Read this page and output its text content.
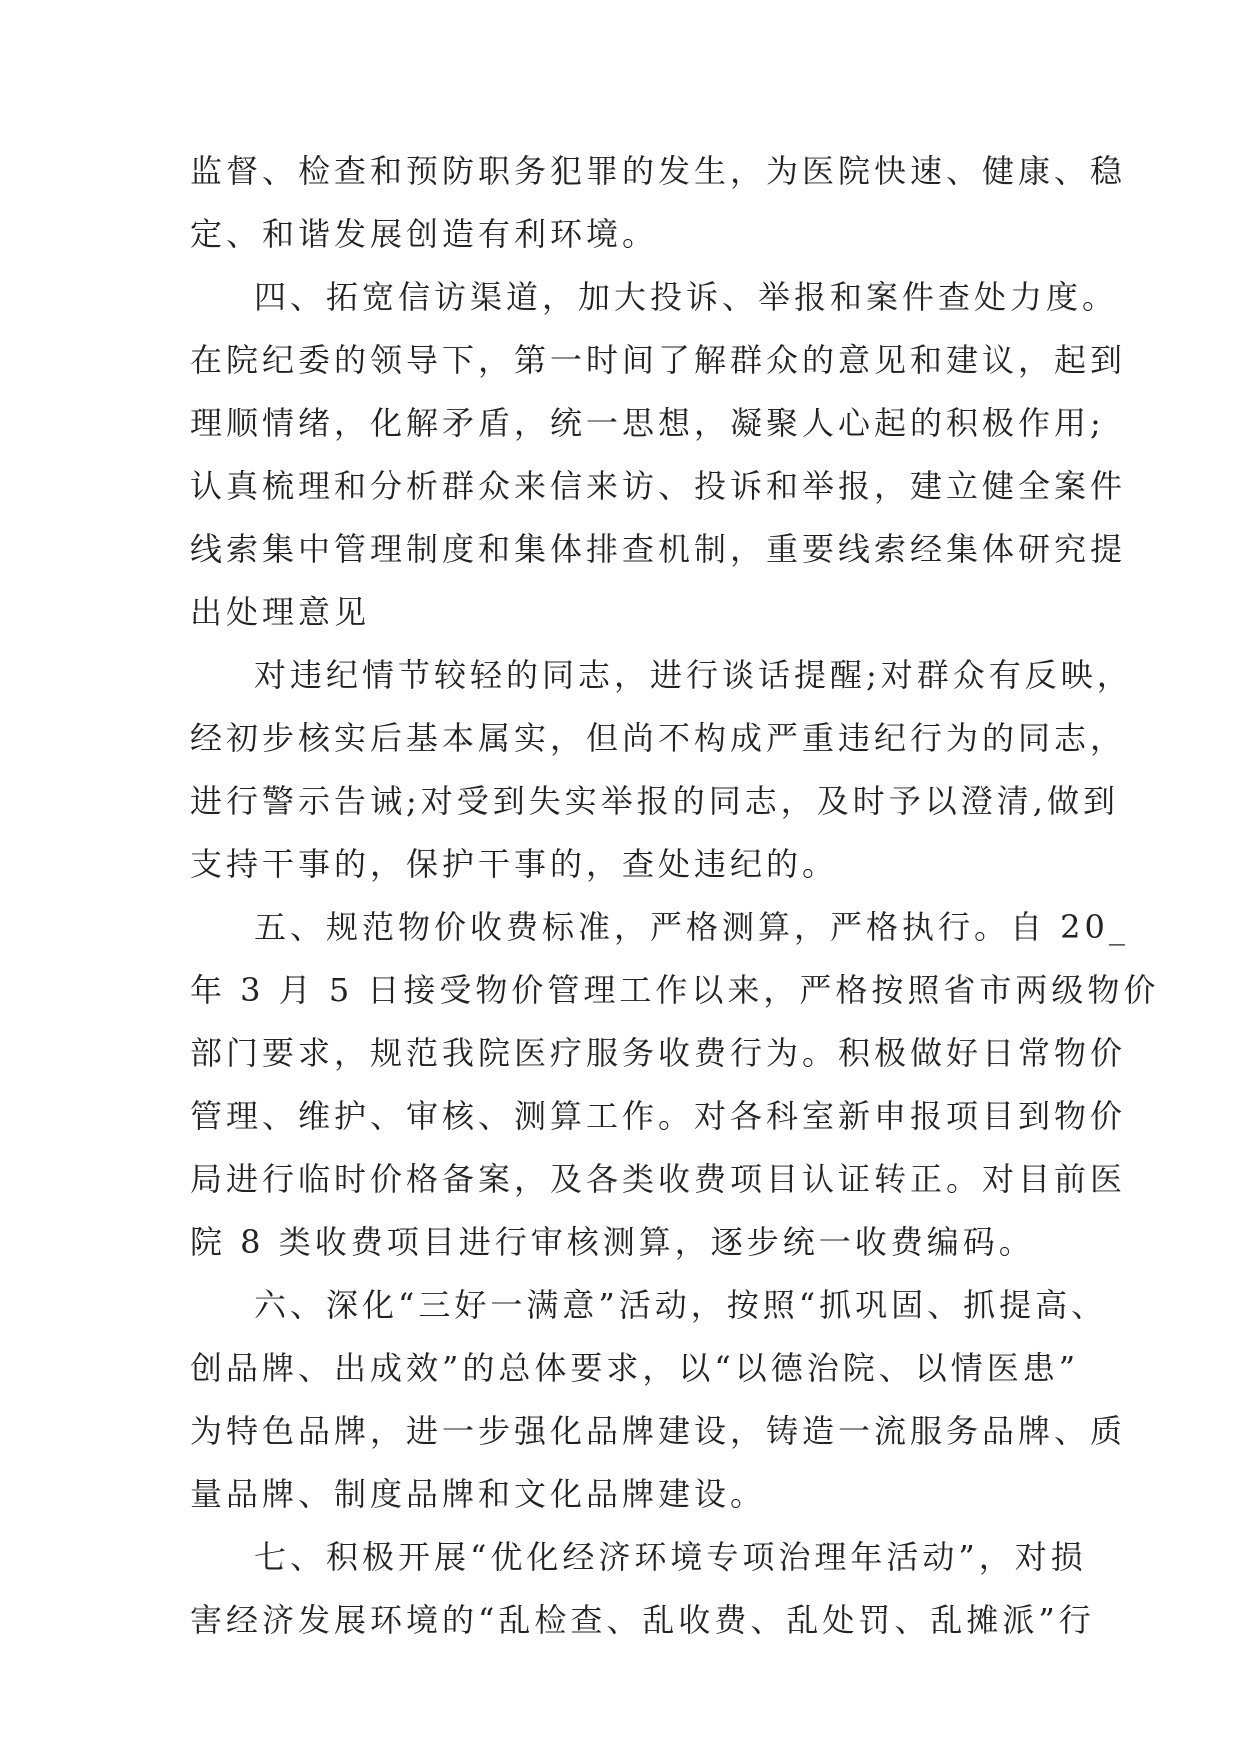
监督、检查和预防职务犯罪的发生，为医院快速、健康、稳
定、和谐发展创造有利环境。

四、拓宽信访渠道，加大投诉、举报和案件查处力度。
在院纪委的领导下，第一时间了解群众的意见和建议，起到
理顺情绪，化解矛盾，统一思想，凝聚人心起的积极作用;
认真梳理和分析群众来信来访、投诉和举报，建立健全案件
线索集中管理制度和集体排查机制，重要线索经集体研究提
出处理意见

对违纪情节较轻的同志，进行谈话提醒;对群众有反映，
经初步核实后基本属实，但尚不构成严重违纪行为的同志，
进行警示告诫;对受到失实举报的同志，及时予以澄清,做到
支持干事的，保护干事的，查处违纪的。

五、规范物价收费标准，严格测算，严格执行。自 20_
年 3 月 5 日接受物价管理工作以来，严格按照省市两级物价
部门要求，规范我院医疗服务收费行为。积极做好日常物价
管理、维护、审核、测算工作。对各科室新申报项目到物价
局进行临时价格备案，及各类收费项目认证转正。对目前医
院 8 类收费项目进行审核测算，逐步统一收费编码。

六、深化“三好一满意”活动，按照“抓巩固、抓提高、
创品牌、出成效”的总体要求，以“以德治院、以情医患”
为特色品牌，进一步强化品牌建设，铸造一流服务品牌、质
量品牌、制度品牌和文化品牌建设。

七、积极开展“优化经济环境专项治理年活动”，对损
害经济发展环境的“乱检查、乱收费、乱处罚、乱摊派”行
